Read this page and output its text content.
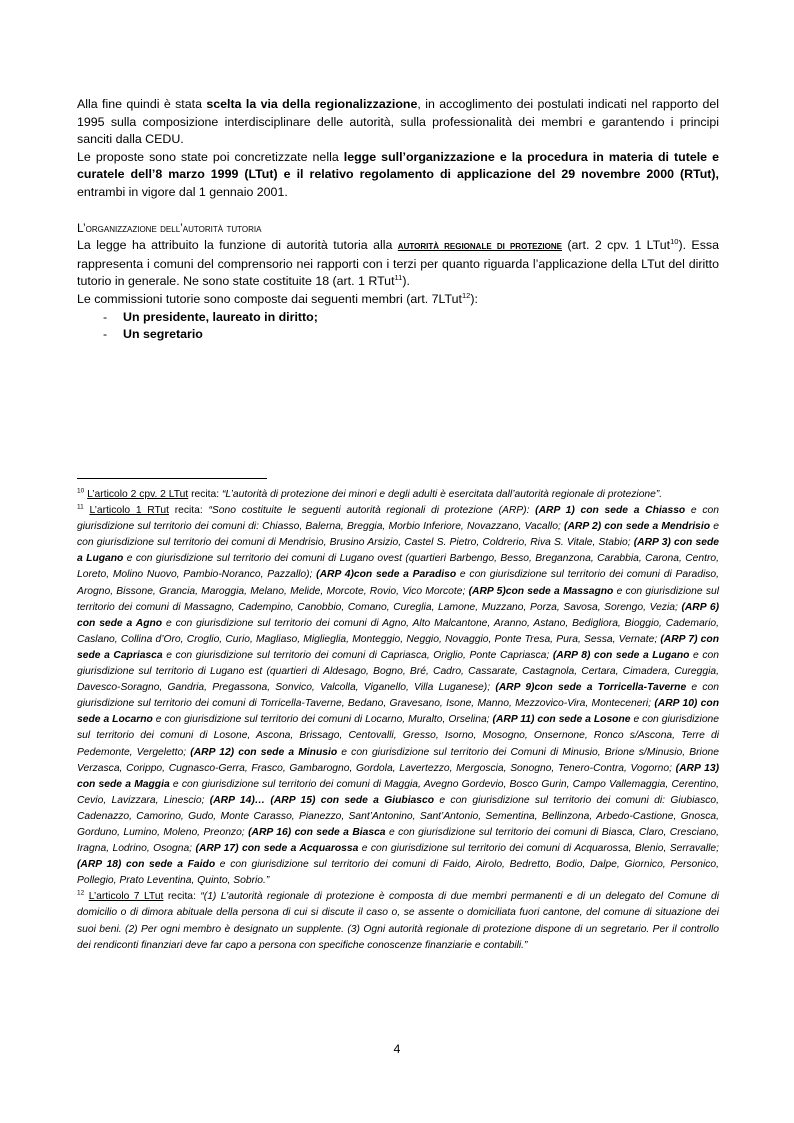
Alla fine quindi è stata scelta la via della regionalizzazione, in accoglimento dei postulati indicati nel rapporto del 1995 sulla composizione interdisciplinare delle autorità, sulla professionalità dei membri e garantendo i principi sanciti dalla CEDU.

Le proposte sono state poi concretizzate nella legge sull’organizzazione e la procedura in materia di tutele e curatele dell’8 marzo 1999 (LTut) e il relativo regolamento di applicazione del 29 novembre 2000 (RTut), entrambi in vigore dal 1 gennaio 2001.

L’organizzazione dell’autorità tutoria

La legge ha attribuito la funzione di autorità tutoria alla autorità regionale di protezione (art. 2 cpv. 1 LTut$^{10}$). Essa rappresenta i comuni del comprensorio nei rapporti con i terzi per quanto riguarda l’applicazione della LTut del diritto tutorio in generale. Ne sono state costituite 18 (art. 1 RTut$^{11}$).

Le commissioni tutorie sono composte dai seguenti membri (art. 7LTut$^{12}$):

- Un presidente, laureato in diritto;
- Un segretario

$^{10}$ L’articolo 2 cpv. 2 LTut recita: “L’autorità di protezione dei minori e degli adulti è esercitata dall’autorità regionale di protezione”.

$^{11}$ L’articolo 1 RTut recita: “Sono costituite le seguenti autorità regionali di protezione (ARP): (ARP 1) con sede a Chiasso e con giurisdizione sul territorio dei comuni di: Chiasso, Balerna, Breggia, Morbio Inferiore, Novazzano, Vacallo; (ARP 2) con sede a Mendrisio e con giurisdizione sul territorio dei comuni di Mendrisio, Brusino Arsizio, Castel S. Pietro, Coldrerio, Riva S. Vitale, Stabio; (ARP 3) con sede a Lugano e con giurisdizione sul territorio dei comuni di Lugano ovest (quartieri Barbengo, Besso, Breganzona, Carabbia, Carona, Centro, Loreto, Molino Nuovo, Pambio-Noranco, Pazzallo); (ARP 4)con sede a Paradiso e con giurisdizione sul territorio dei comuni di Paradiso, Arogno, Bissone, Grancia, Maroggia, Melano, Melide, Morcote, Rovio, Vico Morcote; (ARP 5)con sede a Massagno e con giurisdizione sul territorio dei comuni di Massagno, Cadempino, Canobbio, Comano, Cureglia, Lamone, Muzzano, Porza, Savosa, Sorengo, Vezia; (ARP 6) con sede a Agno e con giurisdizione sul territorio dei comuni di Agno, Alto Malcantone, Aranno, Astano, Bedigliora, Bioggio, Cademario, Caslano, Collina d’Oro, Croglio, Curio, Magliaso, Miglieglia, Monteggio, Neggio, Novaggio, Ponte Tresa, Pura, Sessa, Vernate; (ARP 7) con sede a Capriasca e con giurisdizione sul territorio dei comuni di Capriasca, Origlio, Ponte Capriasca; (ARP 8) con sede a Lugano e con giurisdizione sul territorio di Lugano est (quartieri di Aldesago, Bogno, Bré, Cadro, Cassarate, Castagnola, Certara, Cimadera, Cureggia, Davesco-Soragno, Gandria, Pregassona, Sonvico, Valcolla, Viganello, Villa Luganese); (ARP 9)con sede a Torricella-Taverne e con giurisdizione sul territorio dei comuni di Torricella-Taverne, Bedano, Gravesano, Isone, Manno, Mezzovico-Vira, Monteceneri; (ARP 10) con sede a Locarno e con giurisdizione sul territorio dei comuni di Locarno, Muralto, Orselina; (ARP 11) con sede a Losone e con giurisdizione sul territorio dei comuni di Losone, Ascona, Brissago, Centovalli, Gresso, Isorno, Mosogno, Onsernone, Ronco s/Ascona, Terre di Pedemonte, Vergeletto; (ARP 12) con sede a Minusio e con giurisdizione sul territorio dei Comuni di Minusio, Brione s/Minusio, Brione Verzasca, Corippo, Cugnasco-Gerra, Frasco, Gambarogno, Gordola, Lavertezzo, Mergoscia, Sonogno, Tenero-Contra, Vogorno; (ARP 13) con sede a Maggia e con giurisdizione sul territorio dei comuni di Maggia, Avegno Gordevio, Bosco Gurin, Campo Vallemaggia, Cerentino, Cevio, Lavizzara, Linescio; (ARP 14)… (ARP 15) con sede a Giubiasco e con giurisdizione sul territorio dei comuni di: Giubiasco, Cadenazzo, Camorino, Gudo, Monte Carasso, Pianezzo, Sant’Antonino, Sant’Antonio, Sementina, Bellinzona, Arbedo-Castione, Gnosca, Gorduno, Lumino, Moleno, Preonzo; (ARP 16) con sede a Biasca e con giurisdizione sul territorio dei comuni di Biasca, Claro, Cresciano, Iragna, Lodrino, Osogna; (ARP 17) con sede a Acquarossa e con giurisdizione sul territorio dei comuni di Acquarossa, Blenio, Serravalle; (ARP 18) con sede a Faido e con giurisdizione sul territorio dei comuni di Faido, Airolo, Bedretto, Bodio, Dalpe, Giornico, Personico, Pollegio, Prato Leventina, Quinto, Sobrio.”

$^{12}$ L’articolo 7 LTut recita: “(1) L’autorità regionale di protezione è composta di due membri permanenti e di un delegato del Comune di domicilio o di dimora abituale della persona di cui si discute il caso o, se assente o domiciliata fuori cantone, del comune di situazione dei suoi beni. (2) Per ogni membro è designato un supplente. (3) Ogni autorità regionale di protezione dispone di un segretario. Per il controllo dei rendiconti finanziari deve far capo a persona con specifiche conoscenze finanziarie e contabili.”

4
